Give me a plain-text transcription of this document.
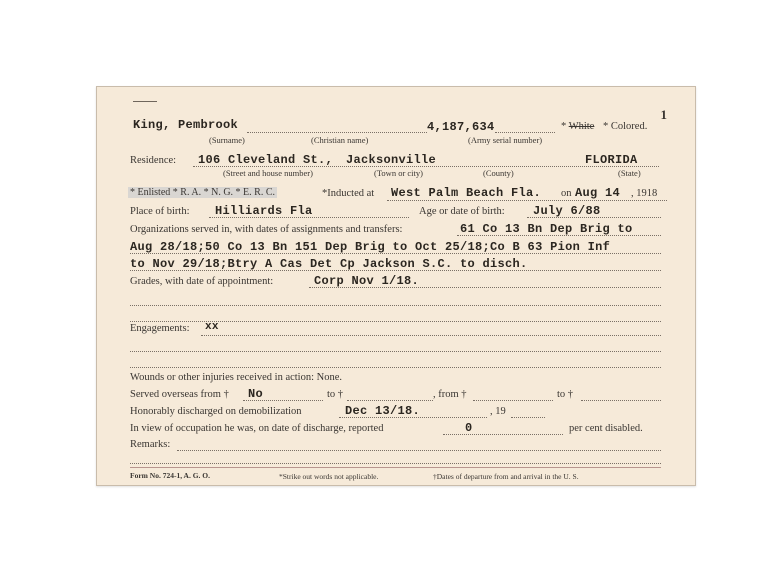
1
King, Pembrook	4,187,634	* White * Colored.
(Surname)	(Christian name)	(Army serial number)
Residence: 106 Cleveland St., Jacksonville	FLORIDA
(Street and house number)	(Town or city)	(County)	(State)
* Enlisted * R. A. * N. G. * E. R. C.	*Inducted at West Palm Beach Fla. on Aug 14 , 1918
Place of birth: Hilliards Fla	Age or date of birth: July 6/88
Organizations served in, with dates of assignments and transfers:	61 Co 13 Bn Dep Brig to
Aug 28/18;50 Co 13 Bn 151 Dep Brig to Oct 25/18;Co B 63 Pion Inf
to Nov 29/18;Btry A Cas Det Cp Jackson S.C. to disch.
Grades, with date of appointment:	Corp Nov 1/18.
Engagements: xx
Wounds or other injuries received in action: None.
Served overseas from † No	to †	, from †	to †
Honorably discharged on demobilization	Dec 13/18.	, 19
In view of occupation he was, on date of discharge, reported	0	per cent disabled.
Remarks:
Form No. 724-1, A. G. O.	*Strike out words not applicable.	†Dates of departure from and arrival in the U. S.
